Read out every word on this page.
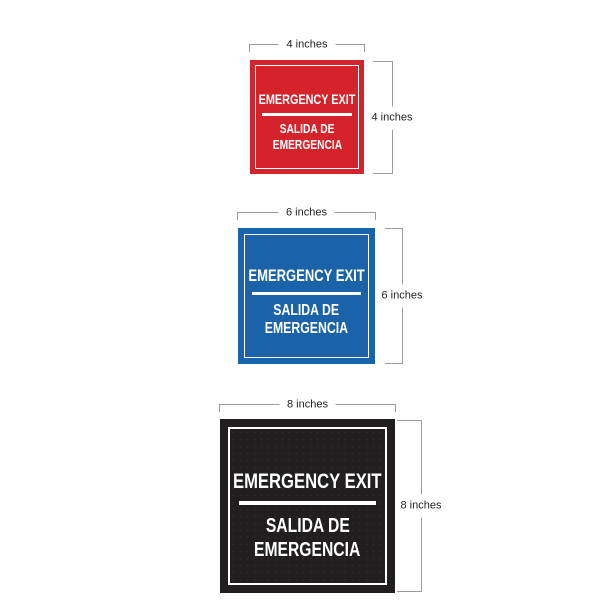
4 inches
4 inches
EMERGENCY EXIT
SALIDA DE
EMERGENCIA
6 inches
6 inches
EMERGENCY EXIT
SALIDA DE
EMERGENCIA
8 inches
8 inches
EMERGENCY EXIT
SALIDA DE
EMERGENCIA
